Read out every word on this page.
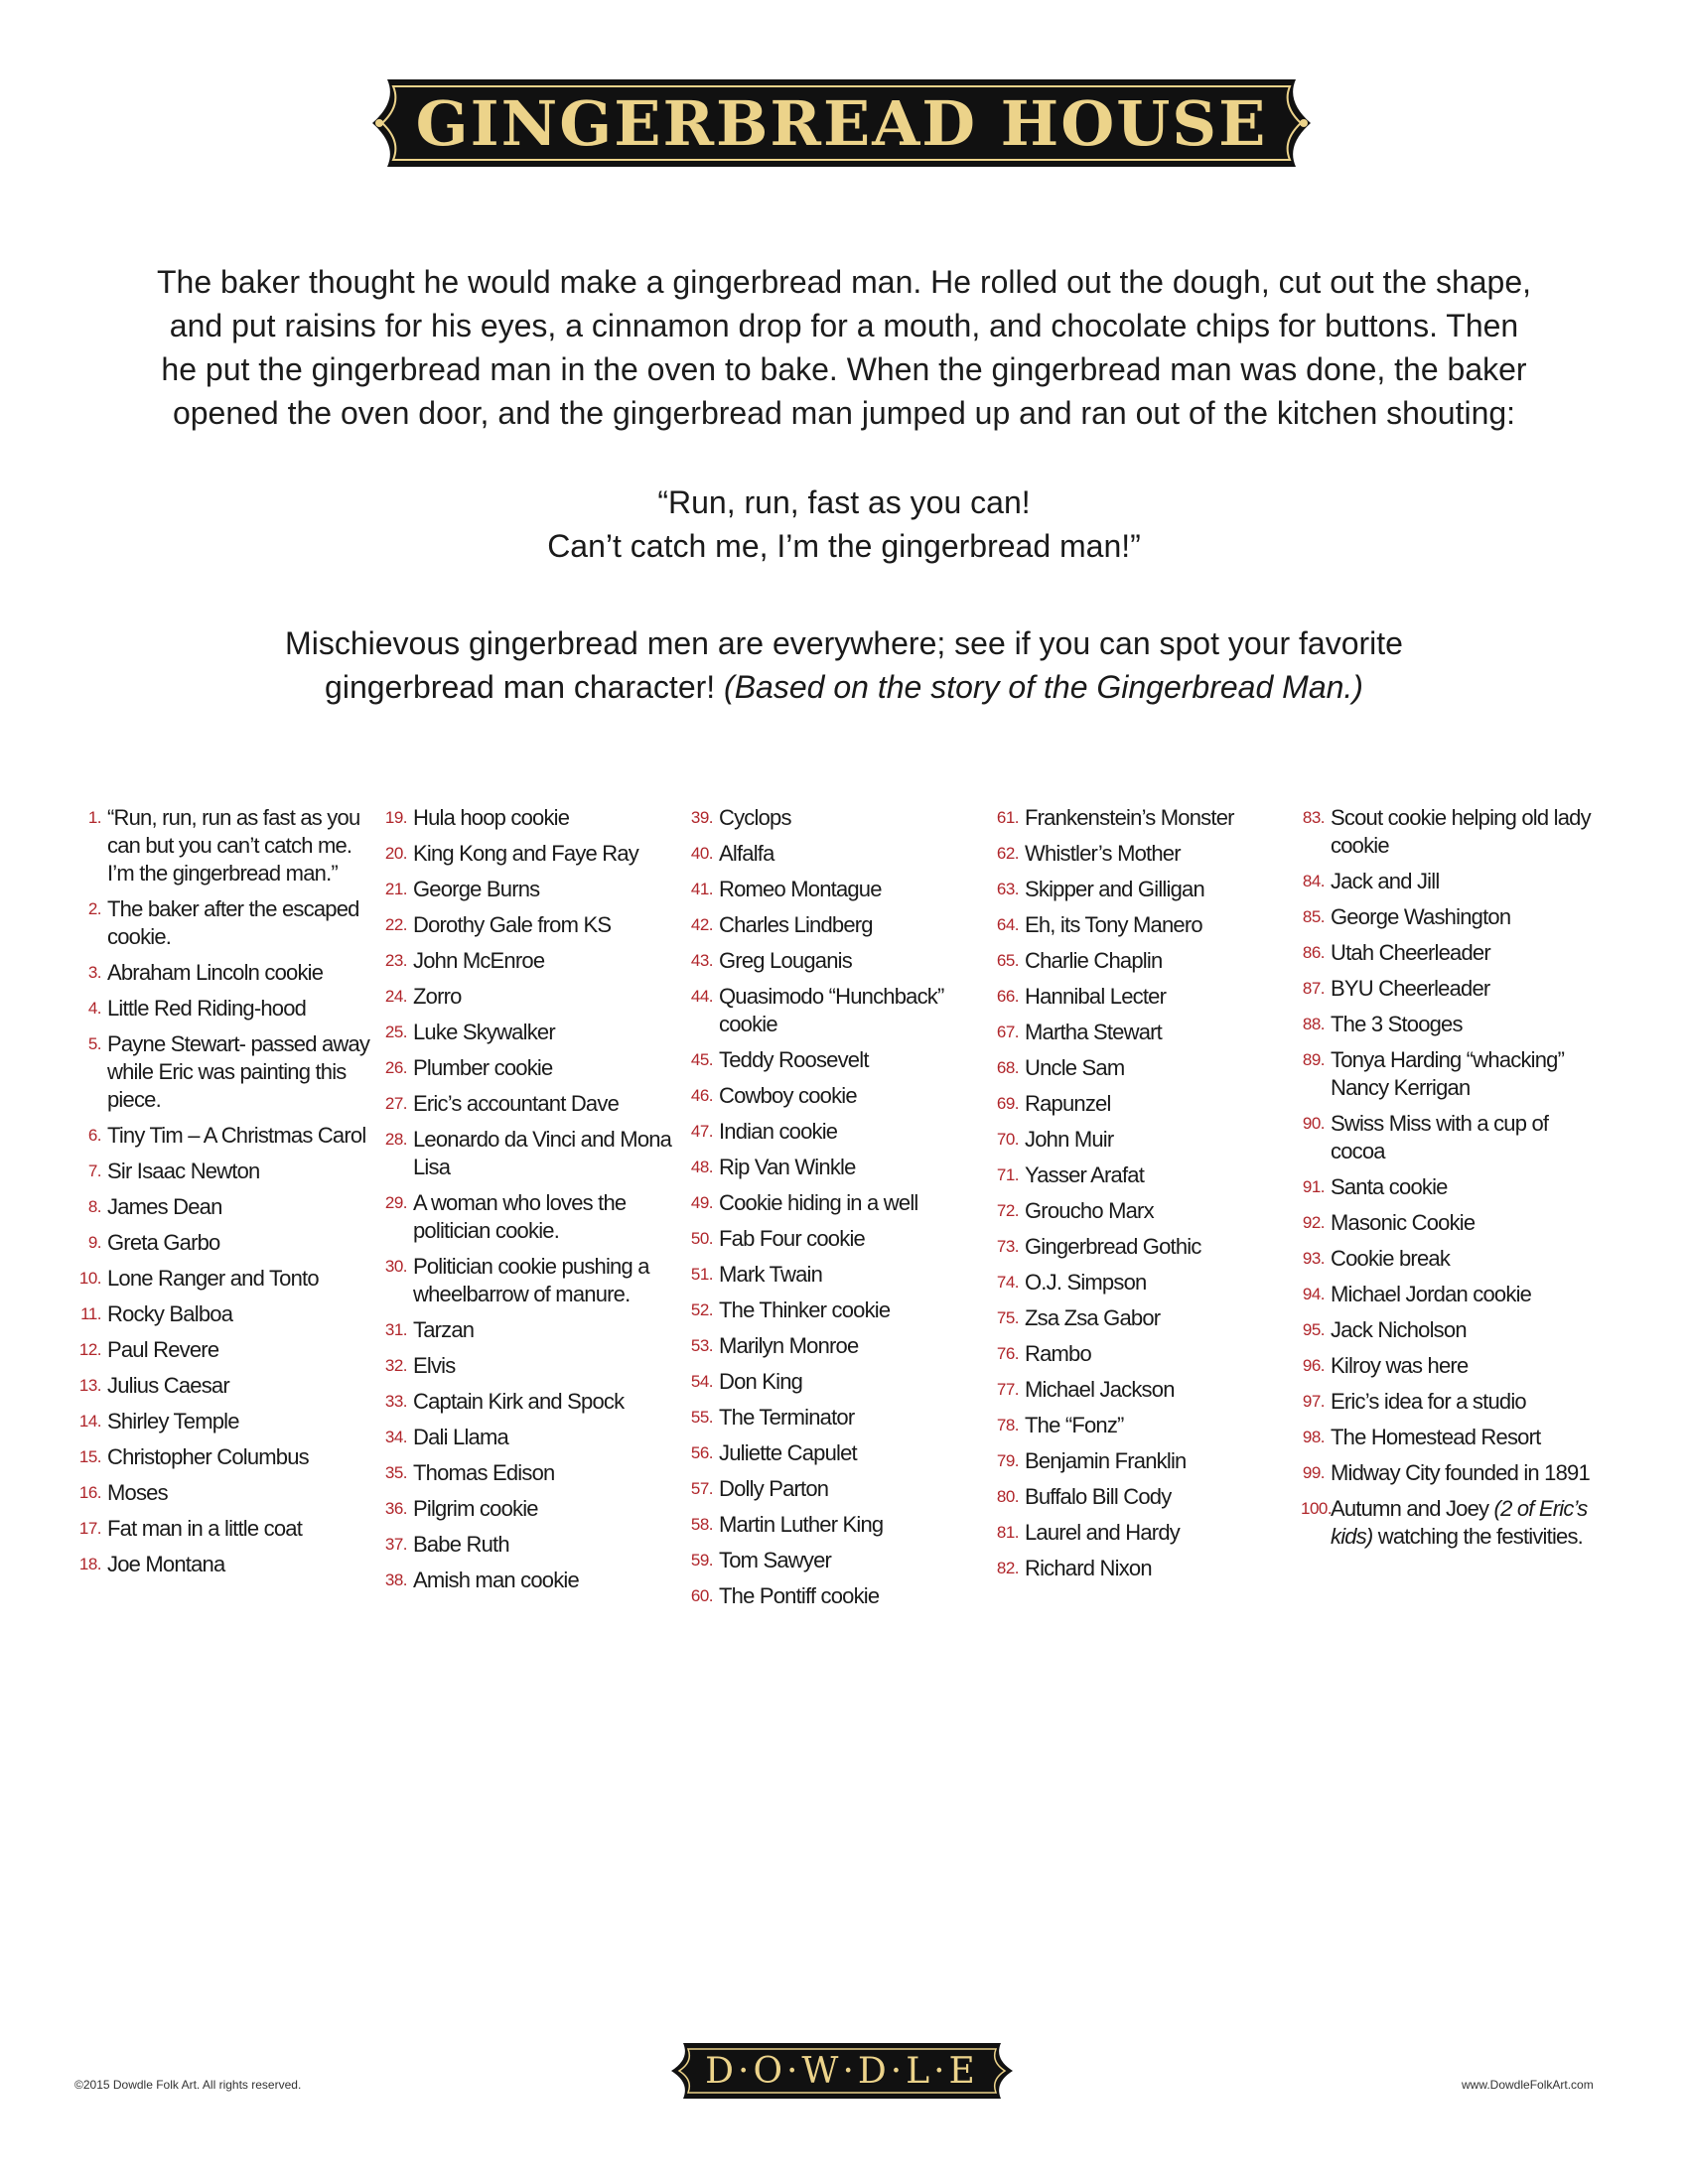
GINGERBREAD HOUSE

The baker thought he would make a gingerbread man. He rolled out the dough, cut out the shape,

and put raisins for his eyes, a cinnamon drop for a mouth, and chocolate chips for buttons. Then

he put the gingerbread man in the oven to bake. When the gingerbread man was done, the baker

opened the oven door, and the gingerbread man jumped up and ran out of the kitchen shouting:

“Run, run, fast as you can!
Can’t catch me, I’m the gingerbread man!”
Mischievous gingerbread men are everywhere; see if you can spot your favorite
gingerbread man character! (Based on the story of the Gingerbread Man.)
1. “Run, run, run as fast as you can but you can’t catch me. I’m the gingerbread man.”
2. The baker after the escaped cookie.
3. Abraham Lincoln cookie
4. Little Red Riding-hood
5. Payne Stewart- passed away while Eric was painting this piece.
6. Tiny Tim – A Christmas Carol
7. Sir Isaac Newton
8. James Dean
9. Greta Garbo
10. Lone Ranger and Tonto
11. Rocky Balboa
12. Paul Revere
13. Julius Caesar
14. Shirley Temple
15. Christopher Columbus
16. Moses
17. Fat man in a little coat
18. Joe Montana
19. Hula hoop cookie
20. King Kong and Faye Ray
21. George Burns
22. Dorothy Gale from KS
23. John McEnroe
24. Zorro
25. Luke Skywalker
26. Plumber cookie
27. Eric’s accountant Dave
28. Leonardo da Vinci and Mona Lisa
29. A woman who loves the politician cookie.
30. Politician cookie pushing a wheelbarrow of manure.
31. Tarzan
32. Elvis
33. Captain Kirk and Spock
34. Dali Llama
35. Thomas Edison
36. Pilgrim cookie
37. Babe Ruth
38. Amish man cookie
39. Cyclops
40. Alfalfa
41. Romeo Montague
42. Charles Lindberg
43. Greg Louganis
44. Quasimodo “Hunchback” cookie
45. Teddy Roosevelt
46. Cowboy cookie
47. Indian cookie
48. Rip Van Winkle
49. Cookie hiding in a well
50. Fab Four cookie
51. Mark Twain
52. The Thinker cookie
53. Marilyn Monroe
54. Don King
55. The Terminator
56. Juliette Capulet
57. Dolly Parton
58. Martin Luther King
59. Tom Sawyer
60. The Pontiff cookie
61. Frankenstein’s Monster
62. Whistler’s Mother
63. Skipper and Gilligan
64. Eh, its Tony Manero
65. Charlie Chaplin
66. Hannibal Lecter
67. Martha Stewart
68. Uncle Sam
69. Rapunzel
70. John Muir
71. Yasser Arafat
72. Groucho Marx
73. Gingerbread Gothic
74. O.J. Simpson
75. Zsa Zsa Gabor
76. Rambo
77. Michael Jackson
78. The “Fonz”
79. Benjamin Franklin
80. Buffalo Bill Cody
81. Laurel and Hardy
82. Richard Nixon
83. Scout cookie helping old lady cookie
84. Jack and Jill
85. George Washington
86. Utah Cheerleader
87. BYU Cheerleader
88. The 3 Stooges
89. Tonya Harding “whacking” Nancy Kerrigan
90. Swiss Miss with a cup of cocoa
91. Santa cookie
92. Masonic Cookie
93. Cookie break
94. Michael Jordan cookie
95. Jack Nicholson
96. Kilroy was here
97. Eric’s idea for a studio
98. The Homestead Resort
99. Midway City founded in 1891
100.
Autumn and Joey (2 of Eric’s kids) watching the festivities.
©2015 Dowdle Folk Art. All rights reserved.	D·O·W·D·L·E	www.DowdleFolkArt.com
